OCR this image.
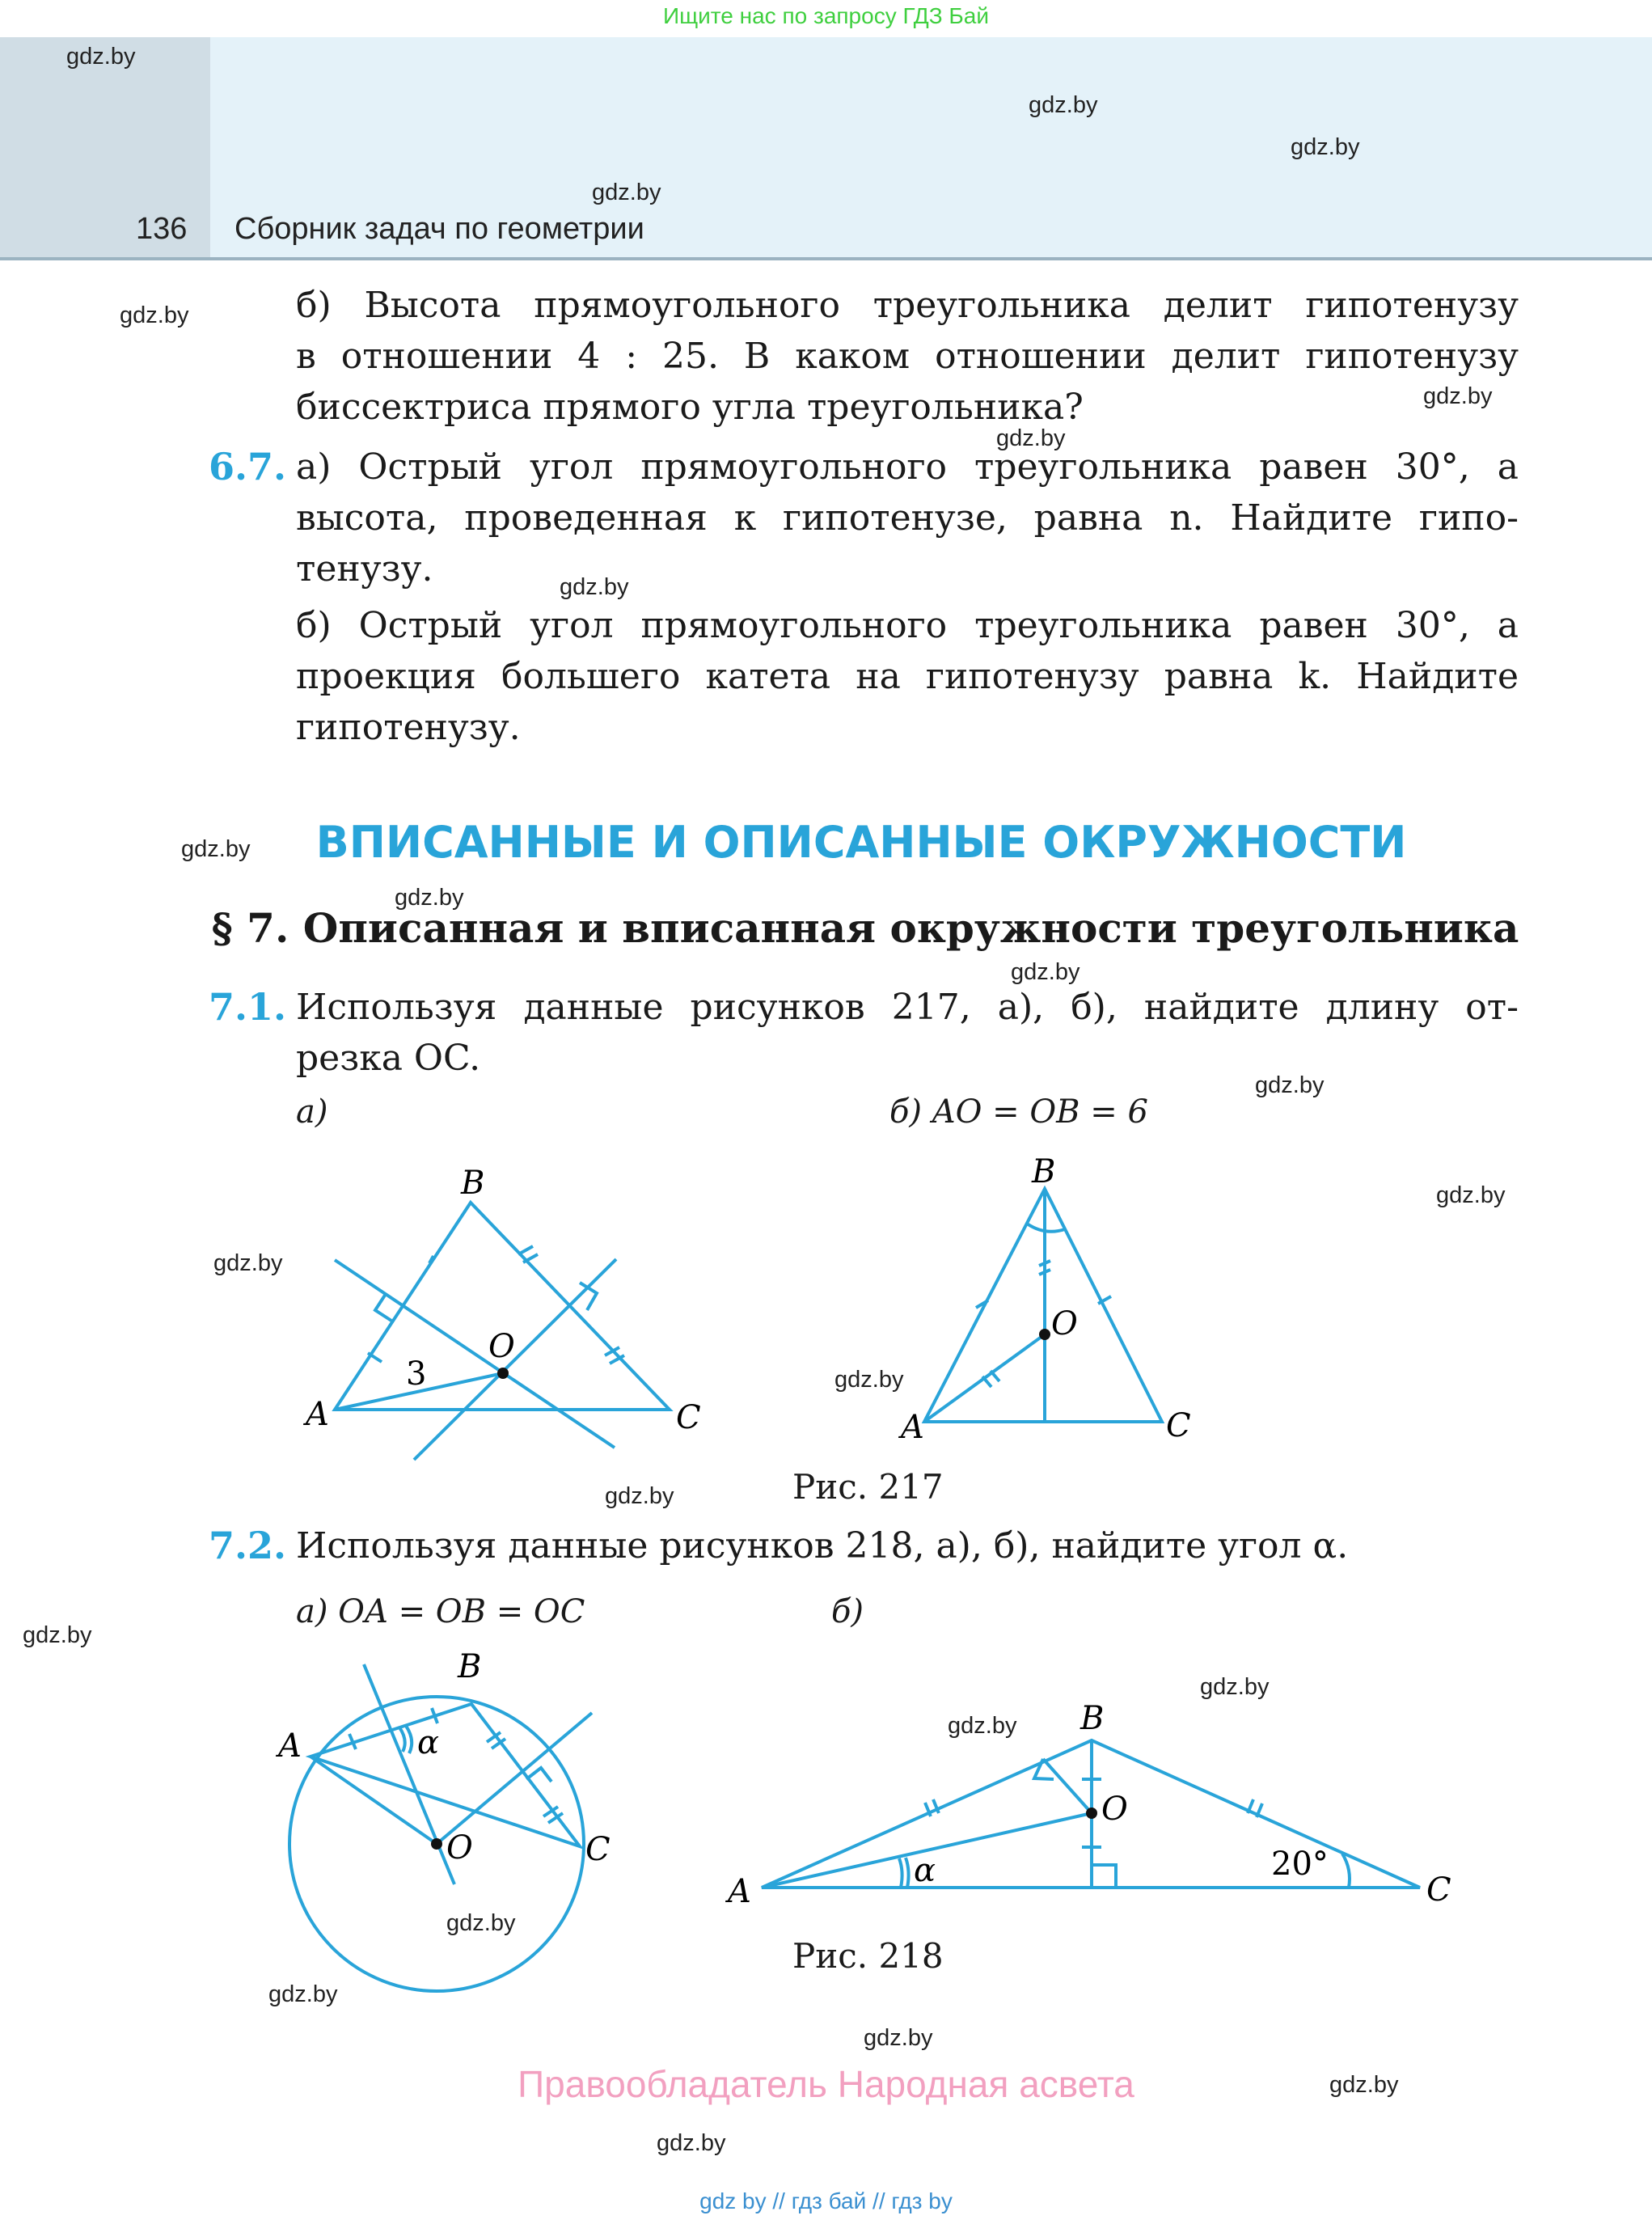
Ищите нас по запросу ГДЗ Бай
136 Сборник задач по геометрии
gdz.by
gdz.by
gdz.by
gdz.by
gdz.by
gdz.by
gdz.by
gdz.by
gdz.by
gdz.by
gdz.by
gdz.by
gdz.by
gdz.by
gdz.by
gdz.by
gdz.by
gdz.by
gdz.by
gdz.by
gdz.by
gdz.by
gdz.by
gdz.by
б) Высота прямоугольного треугольника делит гипотенузу
в отношении 4 : 25. В каком отношении делит гипотенузу
биссектриса прямого угла треугольника?
6.7. а) Острый угол прямоугольного треугольника равен 30°, а
высота, проведенная к гипотенузе, равна n. Найдите гипо-
тенузу.
б) Острый угол прямоугольного треугольника равен 30°, а
проекция большего катета на гипотенузу равна k. Найдите
гипотенузу.
ВПИСАННЫЕ И ОПИСАННЫЕ ОКРУЖНОСТИ
§ 7. Описанная и вписанная окружности треугольника
7.1. Используя данные рисунков 217, а), б), найдите длину от-
резка OC.
а)	б) AO = OB = 6
A
B
C
O
3
A
B
C
O
Рис. 217
7.2. Используя данные рисунков 218, а), б), найдите угол α.
а) OA = OB = OC	б)
A
B
C
O
α
A
B
C
O
α	20°
Рис. 218
Правообладатель Народная асвета
gdz by // гдз бай // гдз by
